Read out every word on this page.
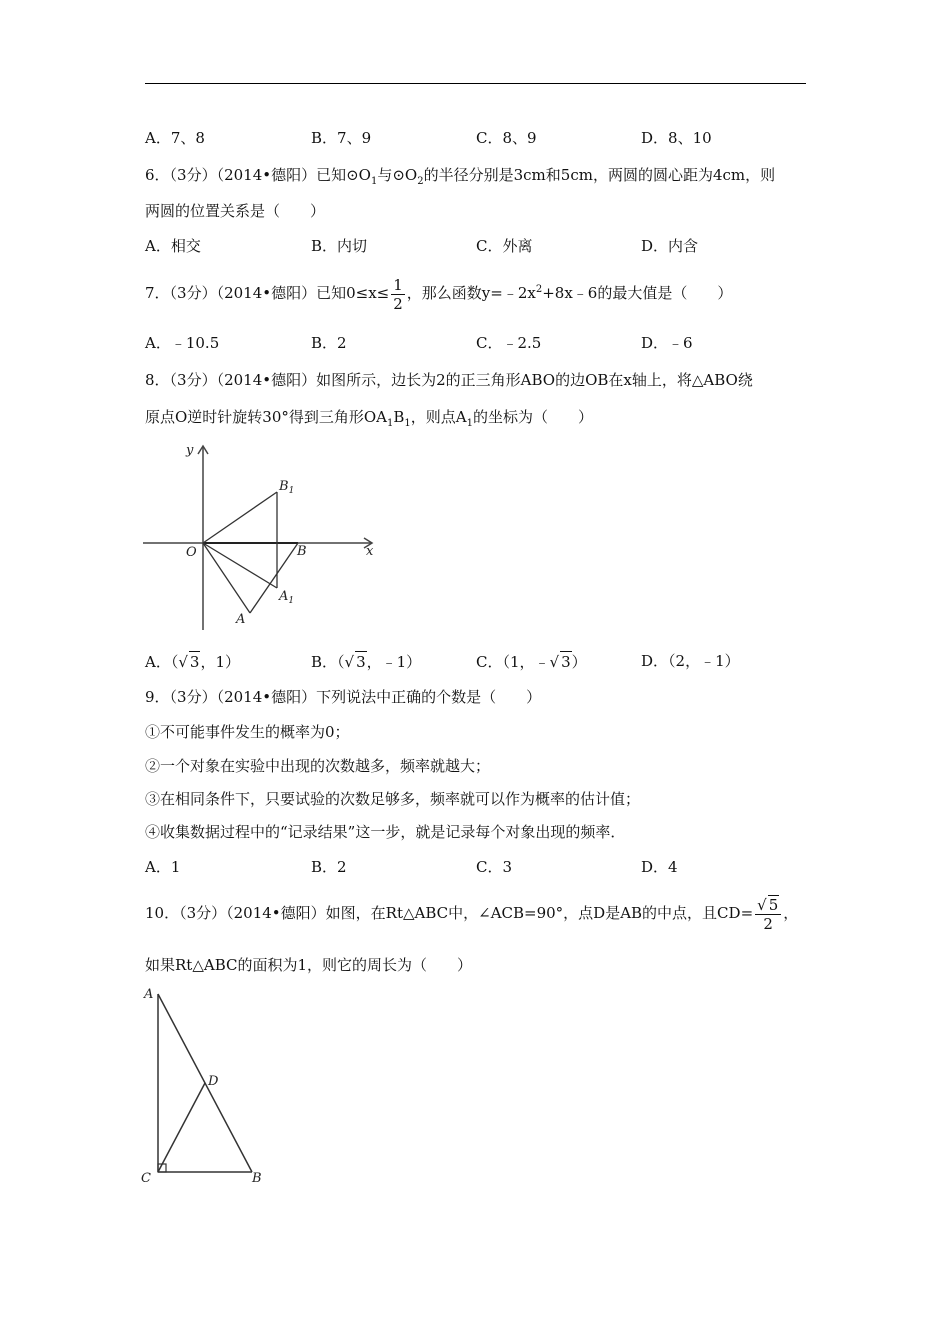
A．7、8	B．7、9	C．8、9	D．8、10
6．（3分）（2014•德阳）已知$⊙O_1$与$⊙O_2$的半径分别是3cm和5cm，两圆的圆心距为4cm，则
两圆的位置关系是（　　）
A．相交	B．内切	C．外离	D．内含
7．（3分）（2014•德阳）已知$0\le x\le \frac{1}{2}$ ，那么函数$y=﹣2x^2+8x﹣6$的最大值是（　　）
A．﹣10.5	B．2	C．﹣2.5	D．﹣6
8．（3分）（2014•德阳）如图所示，边长为2的正三角形ABO的边OB在x轴上，将△ABO绕
原点O逆时针旋转30°得到三角形$OA_1B_1$，则点$A_1$的坐标为（　　）
y
x
O	B
$B_1$
A
$A_1$
A．（√ 3，1）	B．（√ 3，﹣1）	C．（1，﹣√ 3）	D．（2，﹣1）
9．（3分）（2014•德阳）下列说法中正确的个数是（　　）
①不可能事件发生的概率为0；
②一个对象在实验中出现的次数越多，频率就越大；
③在相同条件下，只要试验的次数足够多，频率就可以作为概率的估计值；
④收集数据过程中的“记录结果”这一步，就是记录每个对象出现的频率．
A．1	B．2	C．3	D．4
10．（3分）（2014•德阳）如图，在Rt△ABC中，∠ACB=90°，点D是AB的中点，且$CD= \frac{√ 5}{2}$ ，
如果Rt△ABC的面积为1，则它的周长为（　　）
A
D
C	B
